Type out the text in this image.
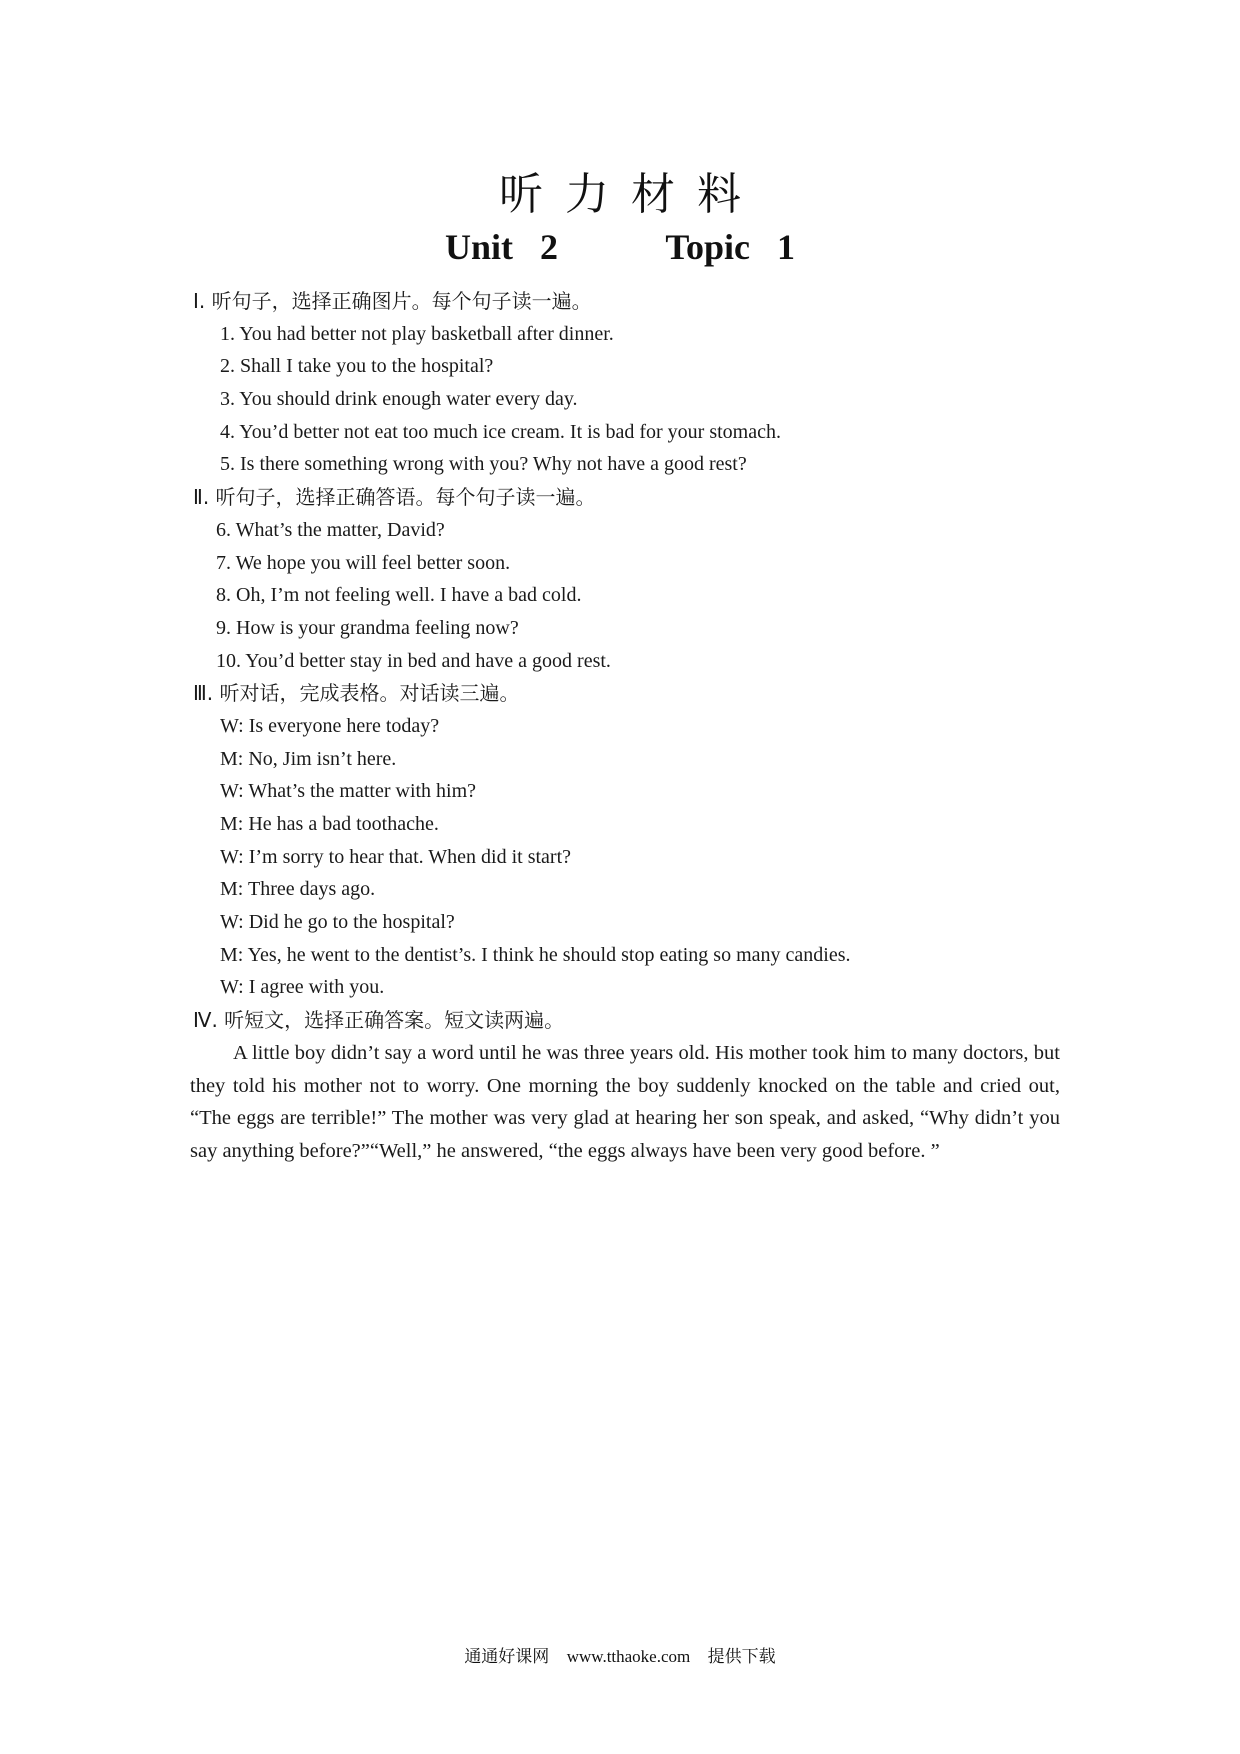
听力材料
Unit 2    Topic 1
Ⅰ. 听句子，选择正确图片。每个句子读一遍。
1. You had better not play basketball after dinner.
2. Shall I take you to the hospital?
3. You should drink enough water every day.
4. You’d better not eat too much ice cream. It is bad for your stomach.
5. Is there something wrong with you? Why not have a good rest?
Ⅱ. 听句子，选择正确答语。每个句子读一遍。
6. What’s the matter, David?
7. We hope you will feel better soon.
8. Oh, I’m not feeling well. I have a bad cold.
9. How is your grandma feeling now?
10. You’d better stay in bed and have a good rest.
Ⅲ. 听对话，完成表格。对话读三遍。
W: Is everyone here today?
M: No, Jim isn’t here.
W: What’s the matter with him?
M: He has a bad toothache.
W: I’m sorry to hear that. When did it start?
M: Three days ago.
W: Did he go to the hospital?
M: Yes, he went to the dentist’s. I think he should stop eating so many candies.
W: I agree with you.
Ⅳ. 听短文，选择正确答案。短文读两遍。

A little boy didn’t say a word until he was three years old. His mother took him to many doctors, but they told his mother not to worry. One morning the boy suddenly knocked on the table and cried out, “The eggs are terrible!” The mother was very glad at hearing her son speak, and asked, “Why didn’t you say anything before?”“Well,” he answered, “the eggs always have been very good before. ”

通通好课网 www.tthaoke.com 提供下载
